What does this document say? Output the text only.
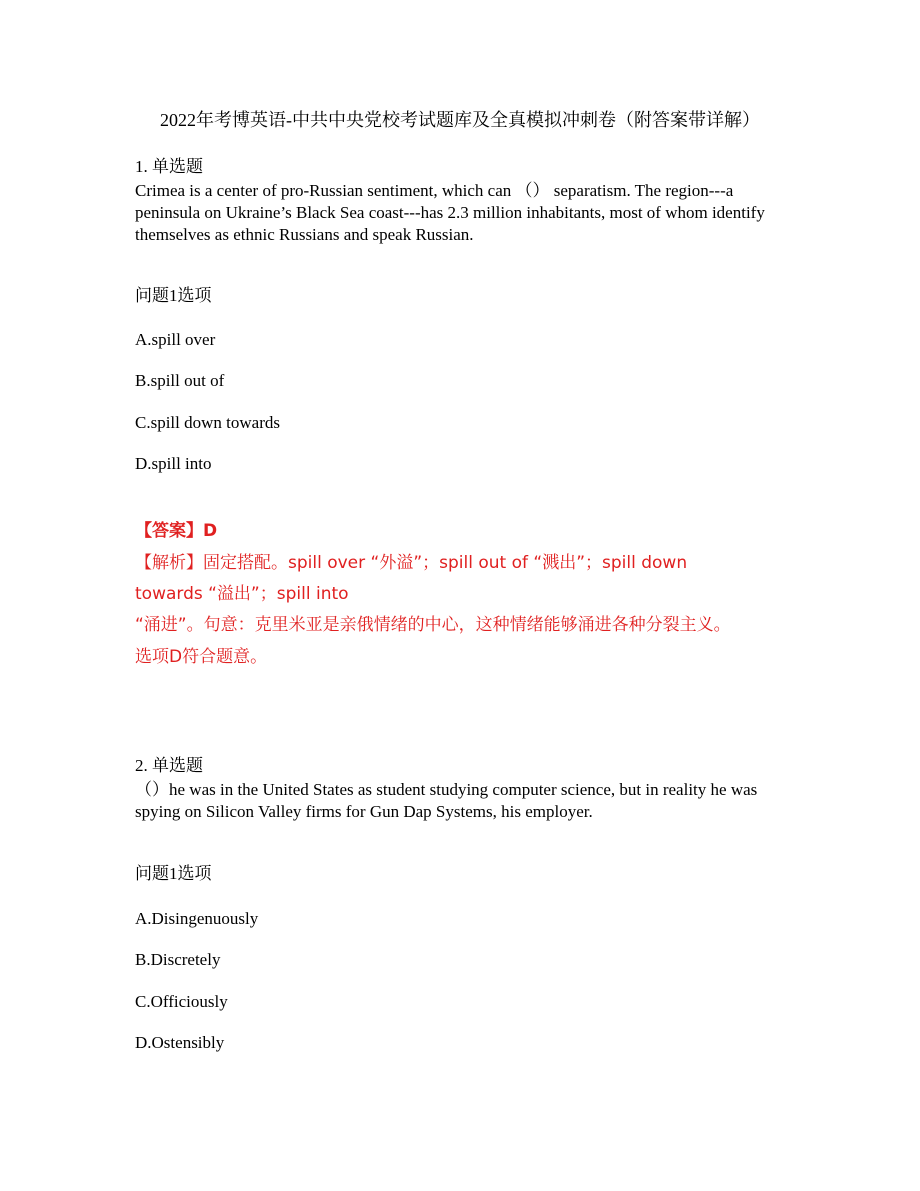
2022年考博英语-中共中央党校考试题库及全真模拟冲刺卷（附答案带详解）
1. 单选题
Crimea is a center of pro-Russian sentiment, which can （） separatism. The region---a peninsula on Ukraine’s Black Sea coast---has 2.3 million inhabitants, most of whom identify themselves as ethnic Russians and speak Russian.
问题1选项
A.spill over
B.spill out of
C.spill down towards
D.spill into
【答案】D
【解析】固定搭配。spill over “外溢”；spill out of “溅出”；spill down
towards “溢出”；spill into
“涌进”。句意：克里米亚是亲俄情绪的中心，这种情绪能够涌进各种分裂主义。
选项D符合题意。
2. 单选题
（）he was in the United States as student studying computer science, but in reality he was spying on Silicon Valley firms for Gun Dap Systems, his employer.
问题1选项
A.Disingenuously
B.Discretely
C.Officiously
D.Ostensibly
